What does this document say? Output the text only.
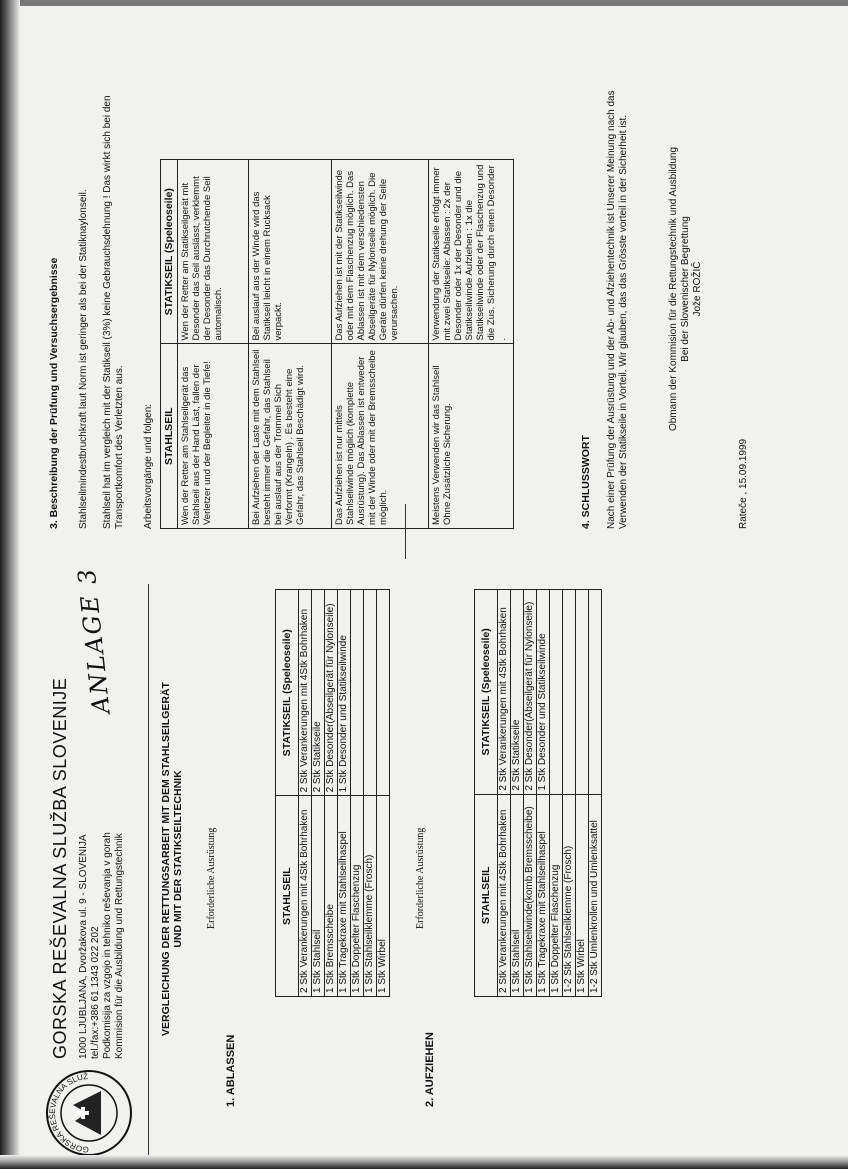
GORSKA REŠEVALNA SLUŽ
GORSKA REŠEVALNA SLUŽBA SLOVENIJE 1000 LJUBLJANA, Dvoržakova ul. 9 - SLOVENIJA tel./fax:+386 61 1343 022 202 Podkomisija za vzgojo in tehniko reševanja v gorah Kommision für die Ausbildung und Rettungstechnik
ANLAGE 3
VERGLEICHUNG DER RETTUNGSARBEIT MIT DEM STAHLSEILGERÄT
UND MIT DER STATIKSEILTECHNIK
1. ABLASSEN
Erforderliche Ausrüstung	STAHLSEIL	STATIKSEIL (Speleoseile)
2 Stk Verankerungen mit 4Stk Bohrhaken	2 Stk Verankerungen mit 4Stk Bohrhaken
1 Stk Stahlseil	2 Stk Statikseile
1 Stk Bremsscheibe	2 Stk Desonder(Abseilgerät für Nylonseile)
1 Stk Tragekraxe mit Stahlseilhaspel	1 Stk Desonder und Statikseilwinde
1 Stk Doppelter Flaschenzug	
1 Stk Stahlseilklemme (Frosch)	
1 Stk Wirbel	
2. AUFZIEHEN
Erforderliche Ausrüstung	STAHLSEIL	STATIKSEIL (Speleoseile)
2 Stk Verankerungen mit 4Stk Bohrhaken	2 Stk Verankerungen mit 4Stk Bohrhaken
1 Stk Stahlseil	2 Stk Statikseile
1 Stk Stahlseilwinde(komb.Bremsscheibe)	2 Stk Desonder(Abseilgerät für Nylonseile)
1 Stk Tragekraxe mit Stahlseilhaspel	1 Stk Desonder und Statikseilwinde
1 Stk Doppelter Flaschenzug	
1-2 Stk Stahlseilklemme (Frosch)	
1 Stk Wirbel	
1-2 Stk Umlenkrollen und Umlenksattel	
3. Beschreibung der Prüfung und Versuchsergebnisse Stahlseilmindestbruchkraft laut Norm ist geringer als bei der Statiknaylonseil. Stahlseil hat im vergleich mit der Statikseil (3%) keine Gebrauchsdehnung ! Das wirkt sich bei den Transportkomfort des Verletzten aus. Arbeitsvorgänge und folgen: STAHLSEIL	STATIKSEIL (Speleoseile)
Wen der Retter am Stahlseilgerät das Stahlseil aus der Hand Läst, fallen der Verletzer und der Begleiter in die Tiefe!	Wen der Retter am Statikseilgerät mit Desonder das Seil auslässt, verklemmt der Desonder das Durchrutchende Seil automalisch.
Bei Aufziehen der Laste mit dem Stahlseil besteht immer die Gefahr, das Stahlseil bei auslauf aus der Trommel Sich Verformt (Krangeln) . Es besteht eine Gefahr, das Stahlseil Beschädigt wird.	Bei auslauf aus der Winde wird das Statikseil leicht in einem Rucksack verpackt.
Das Aufziehen ist nur mittels Stahlseilwinde möglich (komplette Ausrüstung). Das Ablassen ist entweder mit der Winde oder mit der Bremsscheibe möglich.	Das Aufziehen ist mit der Statikseilwinde oder mit dem Flaschenzug möglich. Das Ablassen ist mit dem verschiedensten Abseilgeräte für Nylonseile möglich. Die Geräte dürfen keine drehung der Seile verursachen.
Meistens Verwenden wir das Stahlseil Ohne Zusätzliche Sicherung.	Verwendung der Statikseile erfolgt immer mit zwei Statikseile: Ablassen : 2x der Desonder oder 1x der Desonder und die Statikseilwinde Aufziehen : 1x die Statikseilwinde oder der Flaschenzug und die Zus. Sicherung durch einen Desonder .
4. SCHLUSSWORT Nach einer Prüfung der Ausrüstung und der Ab- und Afziehentechnik ist Unserer Meinung nach das Verwenden der Statikseile in Vorteil. Wir glauben, das das Grösste vorteil in der Sicherheit ist.	Obmann der Kommision für die Rettungstechnik und Ausbildung Bei der Slowenischer Begrettung Jože ROŽIČ
Rateče , 15.09.1999
